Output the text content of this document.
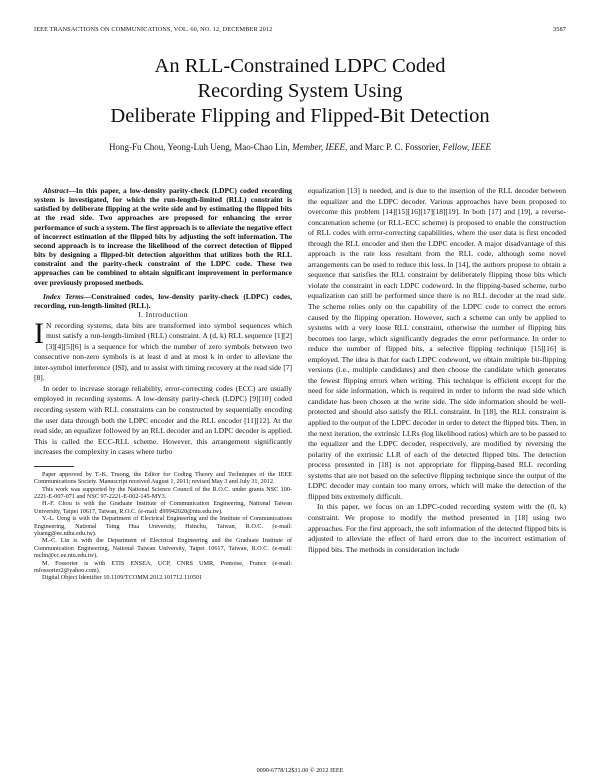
IEEE TRANSACTIONS ON COMMUNICATIONS, VOL. 60, NO. 12, DECEMBER 2012	3587
An RLL-Constrained LDPC Coded
Recording System Using
Deliberate Flipping and Flipped-Bit Detection
Hong-Fu Chou, Yeong-Luh Ueng, Mao-Chao Lin, Member, IEEE, and Marc P. C. Fossorier, Fellow, IEEE

Abstract—In this paper, a low-density parity-check (LDPC) coded recording system is investigated, for which the run-length-limited (RLL) constraint is satisfied by deliberate flipping at the write side and by estimating the flipped bits at the read side. Two approaches are proposed for enhancing the error performance of such a system. The first approach is to alleviate the negative effect of incorrect estimation of the flipped bits by adjusting the soft information. The second approach is to increase the likelihood of the correct detection of flipped bits by designing a flipped-bit detection algorithm that utilizes both the RLL constraint and the parity-check constraint of the LDPC code. These two approaches can be combined to obtain significant improvement in performance over previously proposed methods.

Index Terms—Constrained codes, low-density parity-check (LDPC) codes, recording, run-length-limited (RLL).

I. Introduction

I N recording systems, data bits are transformed into symbol sequences which must satisfy a run-length-limited (RLL) constraint. A (d, k) RLL sequence [1][2][3][4][5][6] is a sequence for which the number of zero symbols between two consecutive non-zero symbols is at least d and at most k in order to alleviate the inter-symbol interference (ISI), and to assist with timing recovery at the read side [7][8].

In order to increase storage reliability, error-correcting codes (ECC) are usually employed in recording systems. A low-density parity-check (LDPC) [9][10] coded recording system with RLL constraints can be constructed by sequentially encoding the user data through both the LDPC encoder and the RLL encoder [11][12]. At the read side, an equalizer followed by an RLL decoder and an LDPC decoder is applied. This is called the ECC-RLL scheme. However, this arrangement significantly increases the complexity in cases where turbo

Paper approved by T.-K. Truong, the Editor for Coding Theory and Techniques of the IEEE Communications Society. Manuscript received August 1, 2011; revised May 3 and July 31, 2012.

This work was supported by the National Science Council of the R.O.C. under grants NSC 100-2221-E-007-071 and NSC 97-2221-E-002-145-MY3.

H.-F. Chou is with the Graduate Institute of Communication Engineering, National Taiwan University, Taipei 10617, Taiwan, R.O.C. (e-mail: d99942020@ntu.edu.tw).

Y.-L. Ueng is with the Department of Electrical Engineering and the Institute of Communications Engineering, National Tsing Hua University, Hsinchu, Taiwan, R.O.C. (e-mail: ylueng@ee.nthu.edu.tw).

M.-C. Lin is with the Department of Electrical Engineering and the Graduate Institute of Communication Engineering, National Taiwan University, Taipei 10617, Taiwan, R.O.C. (e-mail: mclin@cc.ee.ntu.edu.tw).

M. Fossorier is with ETIS ENSEA, UCP, CNRS UMR, Pontoise, France (e-mail: mfossorier2@yahoo.com).

Digital Object Identifier 10.1109/TCOMM.2012.101712.110501

equalization [13] is needed, and is due to the insertion of the RLL decoder between the equalizer and the LDPC decoder. Various approaches have been proposed to overcome this problem [14][15][16][17][18][19]. In both [17] and [19], a reverse-concatenation scheme (or RLL-ECC scheme) is proposed to enable the construction of RLL codes with error-correcting capabilities, where the user data is first encoded through the RLL encoder and then the LDPC encoder. A major disadvantage of this approach is the rate loss resultant from the RLL code, although some novel arrangements can be used to reduce this loss. In [14], the authors propose to obtain a sequence that satisfies the RLL constraint by deliberately flipping those bits which violate the constraint in each LDPC codeword. In the flipping-based scheme, turbo equalization can still be performed since there is no RLL decoder at the read side. The scheme relies only on the capability of the LDPC code to correct the errors caused by the flipping operation. However, such a scheme can only be applied to systems with a very loose RLL constraint, otherwise the number of flipping bits becomes too large, which significantly degrades the error performance. In order to reduce the number of flipped bits, a selective flipping technique [15][16] is employed. The idea is that for each LDPC codeword, we obtain multiple bit-flipping versions (i.e., multiple candidates) and then choose the candidate which generates the fewest flipping errors when writing. This technique is efficient except for the need for side information, which is required in order to inform the read side which candidate has been chosen at the write side. The side information should be well-protected and should also satisfy the RLL constraint. In [18], the RLL constraint is applied to the output of the LDPC decoder in order to detect the flipped bits. Then, in the next iteration, the extrinsic LLRs (log likelihood ratios) which are to be passed to the equalizer and the LDPC decoder, respectively, are modified by reversing the polarity of the extrinsic LLR of each of the detected flipped bits. The detection process presented in [18] is not appropriate for flipping-based RLL recording systems that are not based on the selective flipping technique since the output of the LDPC decoder may contain too many errors, which will make the detection of the flipped bits extremely difficult.

In this paper, we focus on an LDPC-coded recording system with the (0, k) constraint. We propose to modify the method presented in [18] using two approaches. For the first approach, the soft information of the detected flipped bits is adjusted to alleviate the effect of hard errors due to the incorrect estimation of flipped bits. The methods in consideration include

0090-6778/12$31.00 © 2012 IEEE
